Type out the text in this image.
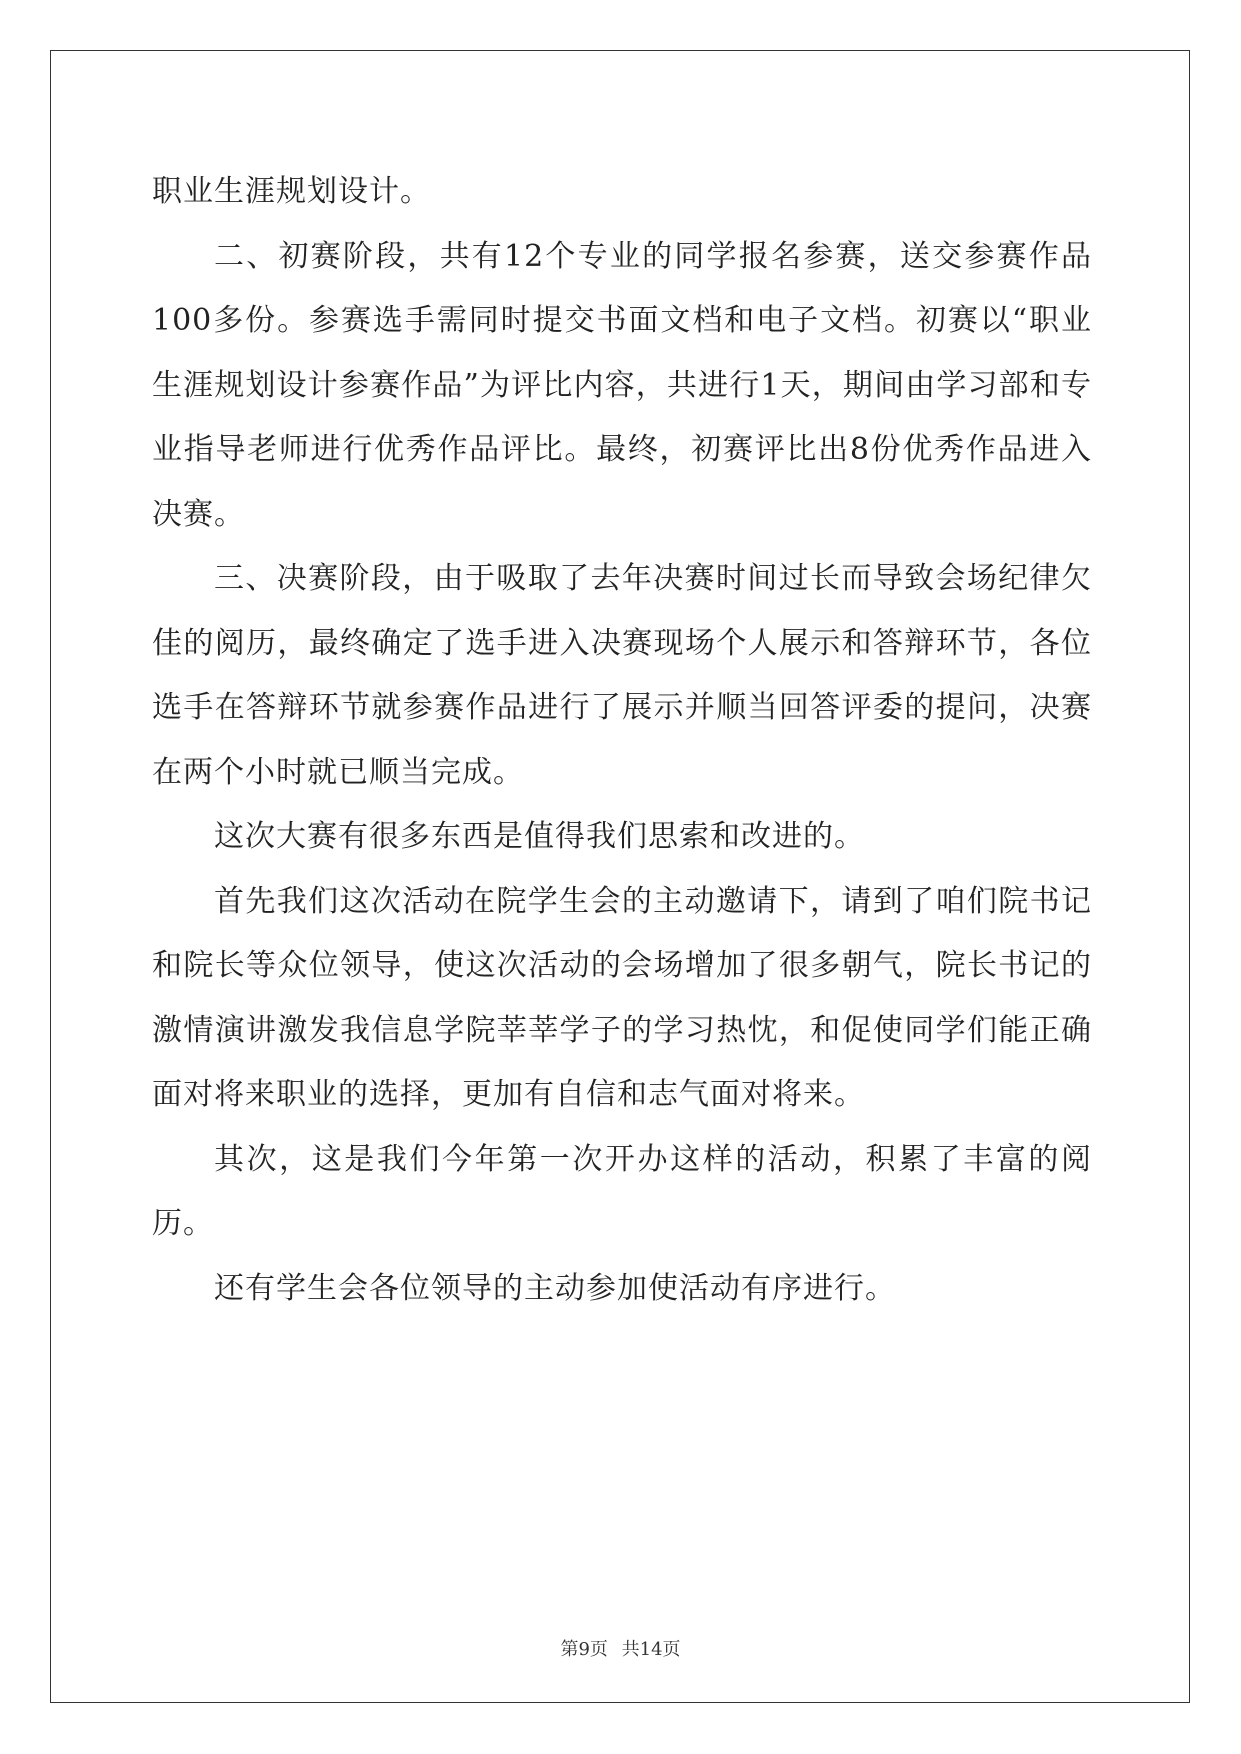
职业生涯规划设计。

二、初赛阶段，共有12个专业的同学报名参赛，送交参赛作品100多份。参赛选手需同时提交书面文档和电子文档。初赛以“职业生涯规划设计参赛作品”为评比内容，共进行1天，期间由学习部和专业指导老师进行优秀作品评比。最终，初赛评比出8份优秀作品进入决赛。

三、决赛阶段，由于吸取了去年决赛时间过长而导致会场纪律欠佳的阅历，最终确定了选手进入决赛现场个人展示和答辩环节，各位选手在答辩环节就参赛作品进行了展示并顺当回答评委的提问，决赛在两个小时就已顺当完成。

这次大赛有很多东西是值得我们思索和改进的。

首先我们这次活动在院学生会的主动邀请下，请到了咱们院书记和院长等众位领导，使这次活动的会场增加了很多朝气，院长书记的激情演讲激发我信息学院莘莘学子的学习热忱，和促使同学们能正确面对将来职业的选择，更加有自信和志气面对将来。

其次，这是我们今年第一次开办这样的活动，积累了丰富的阅历。

还有学生会各位领导的主动参加使活动有序进行。

第9页 共14页
